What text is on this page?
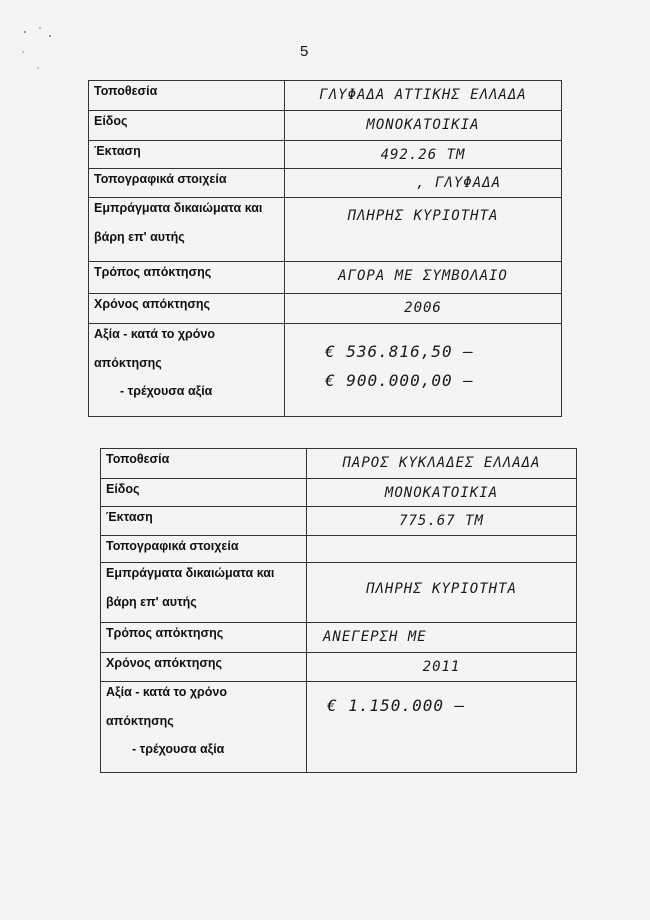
5
Τοποθεσία	ΓΛΥΦΑΔΑ ΑΤΤΙΚΗΣ ΕΛΛΑΔΑ
Είδος	ΜΟΝΟΚΑΤΟΙΚΙΑ
Έκταση	492.26 ΤΜ
Τοπογραφικά στοιχεία	, ΓΛΥΦΑΔΑ

Εμπράγματα δικαιώματα και
βάρη επ' αυτής	ΠΛΗΡΗΣ ΚΥΡΙΟΤΗΤΑ
Τρόπος απόκτησης	ΑΓΟΡΑ ΜΕ ΣΥΜΒΟΛΑΙΟ
Χρόνος απόκτησης	2006

Αξία - κατά το χρόνο
απόκτησης
- τρέχουσα αξία	€ 536.816,50 —
€ 900.000,00 —
Τοποθεσία	ΠΑΡΟΣ ΚΥΚΛΑΔΕΣ ΕΛΛΑΔΑ
Είδος	ΜΟΝΟΚΑΤΟΙΚΙΑ
Έκταση	775.67 ΤΜ
Τοπογραφικά στοιχεία	

Εμπράγματα δικαιώματα και
βάρη επ' αυτής	ΠΛΗΡΗΣ ΚΥΡΙΟΤΗΤΑ
Τρόπος απόκτησης	ΑΝΕΓΕΡΣΗ ΜΕ
Χρόνος απόκτησης	2011

Αξία - κατά το χρόνο
απόκτησης
- τρέχουσα αξία	€ 1.150.000 —
